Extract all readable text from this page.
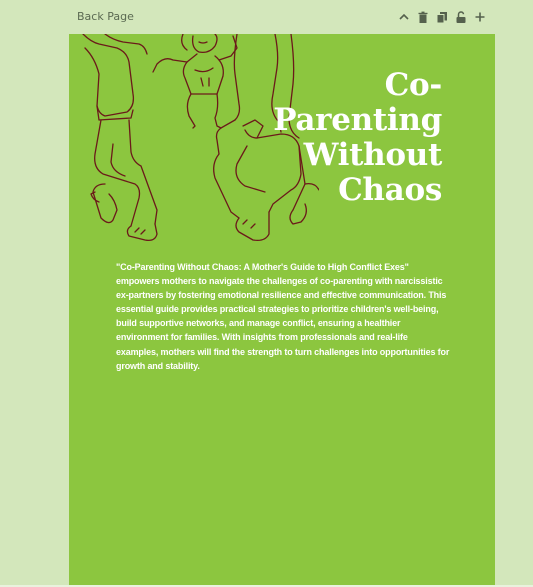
Back Page
Co-
Parenting
Without
Chaos
"Co-Parenting Without Chaos: A Mother's Guide to High Conflict Exes" empowers mothers to navigate the challenges of co-parenting with narcissistic ex-partners by fostering emotional resilience and effective communication. This essential guide provides practical strategies to prioritize children's well-being, build supportive networks, and manage conflict, ensuring a healthier environment for families. With insights from professionals and real-life examples, mothers will find the strength to turn challenges into opportunities for growth and stability.
